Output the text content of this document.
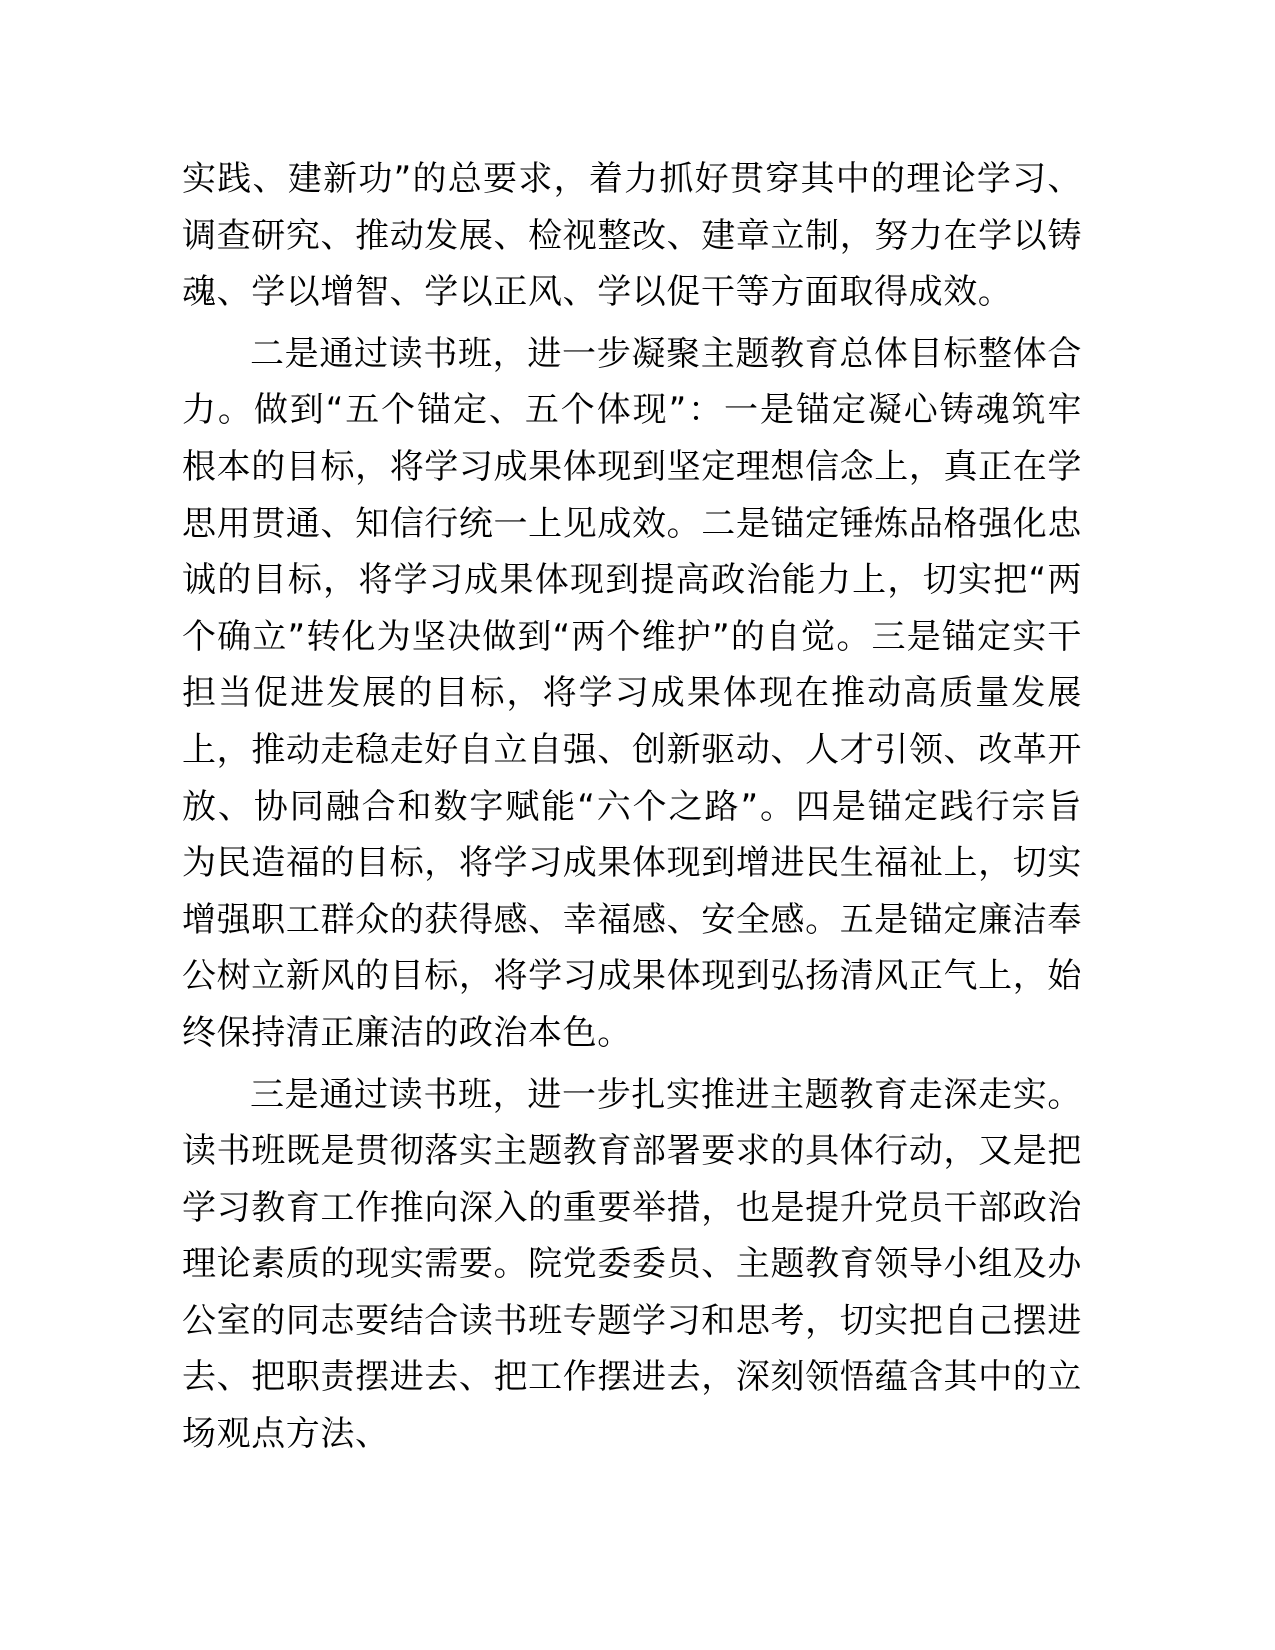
实践、建新功”的总要求，着力抓好贯穿其中的理论学习、调查研究、推动发展、检视整改、建章立制，努力在学以铸魂、学以增智、学以正风、学以促干等方面取得成效。

二是通过读书班，进一步凝聚主题教育总体目标整体合力。做到“五个锚定、五个体现”：一是锚定凝心铸魂筑牢根本的目标，将学习成果体现到坚定理想信念上，真正在学思用贯通、知信行统一上见成效。二是锚定锤炼品格强化忠诚的目标，将学习成果体现到提高政治能力上，切实把“两个确立”转化为坚决做到“两个维护”的自觉。三是锚定实干担当促进发展的目标，将学习成果体现在推动高质量发展上，推动走稳走好自立自强、创新驱动、人才引领、改革开放、协同融合和数字赋能“六个之路”。四是锚定践行宗旨为民造福的目标，将学习成果体现到增进民生福祉上，切实增强职工群众的获得感、幸福感、安全感。五是锚定廉洁奉公树立新风的目标，将学习成果体现到弘扬清风正气上，始终保持清正廉洁的政治本色。

三是通过读书班，进一步扎实推进主题教育走深走实。读书班既是贯彻落实主题教育部署要求的具体行动，又是把学习教育工作推向深入的重要举措，也是提升党员干部政治理论素质的现实需要。院党委委员、主题教育领导小组及办公室的同志要结合读书班专题学习和思考，切实把自己摆进去、把职责摆进去、把工作摆进去，深刻领悟蕴含其中的立场观点方法、
